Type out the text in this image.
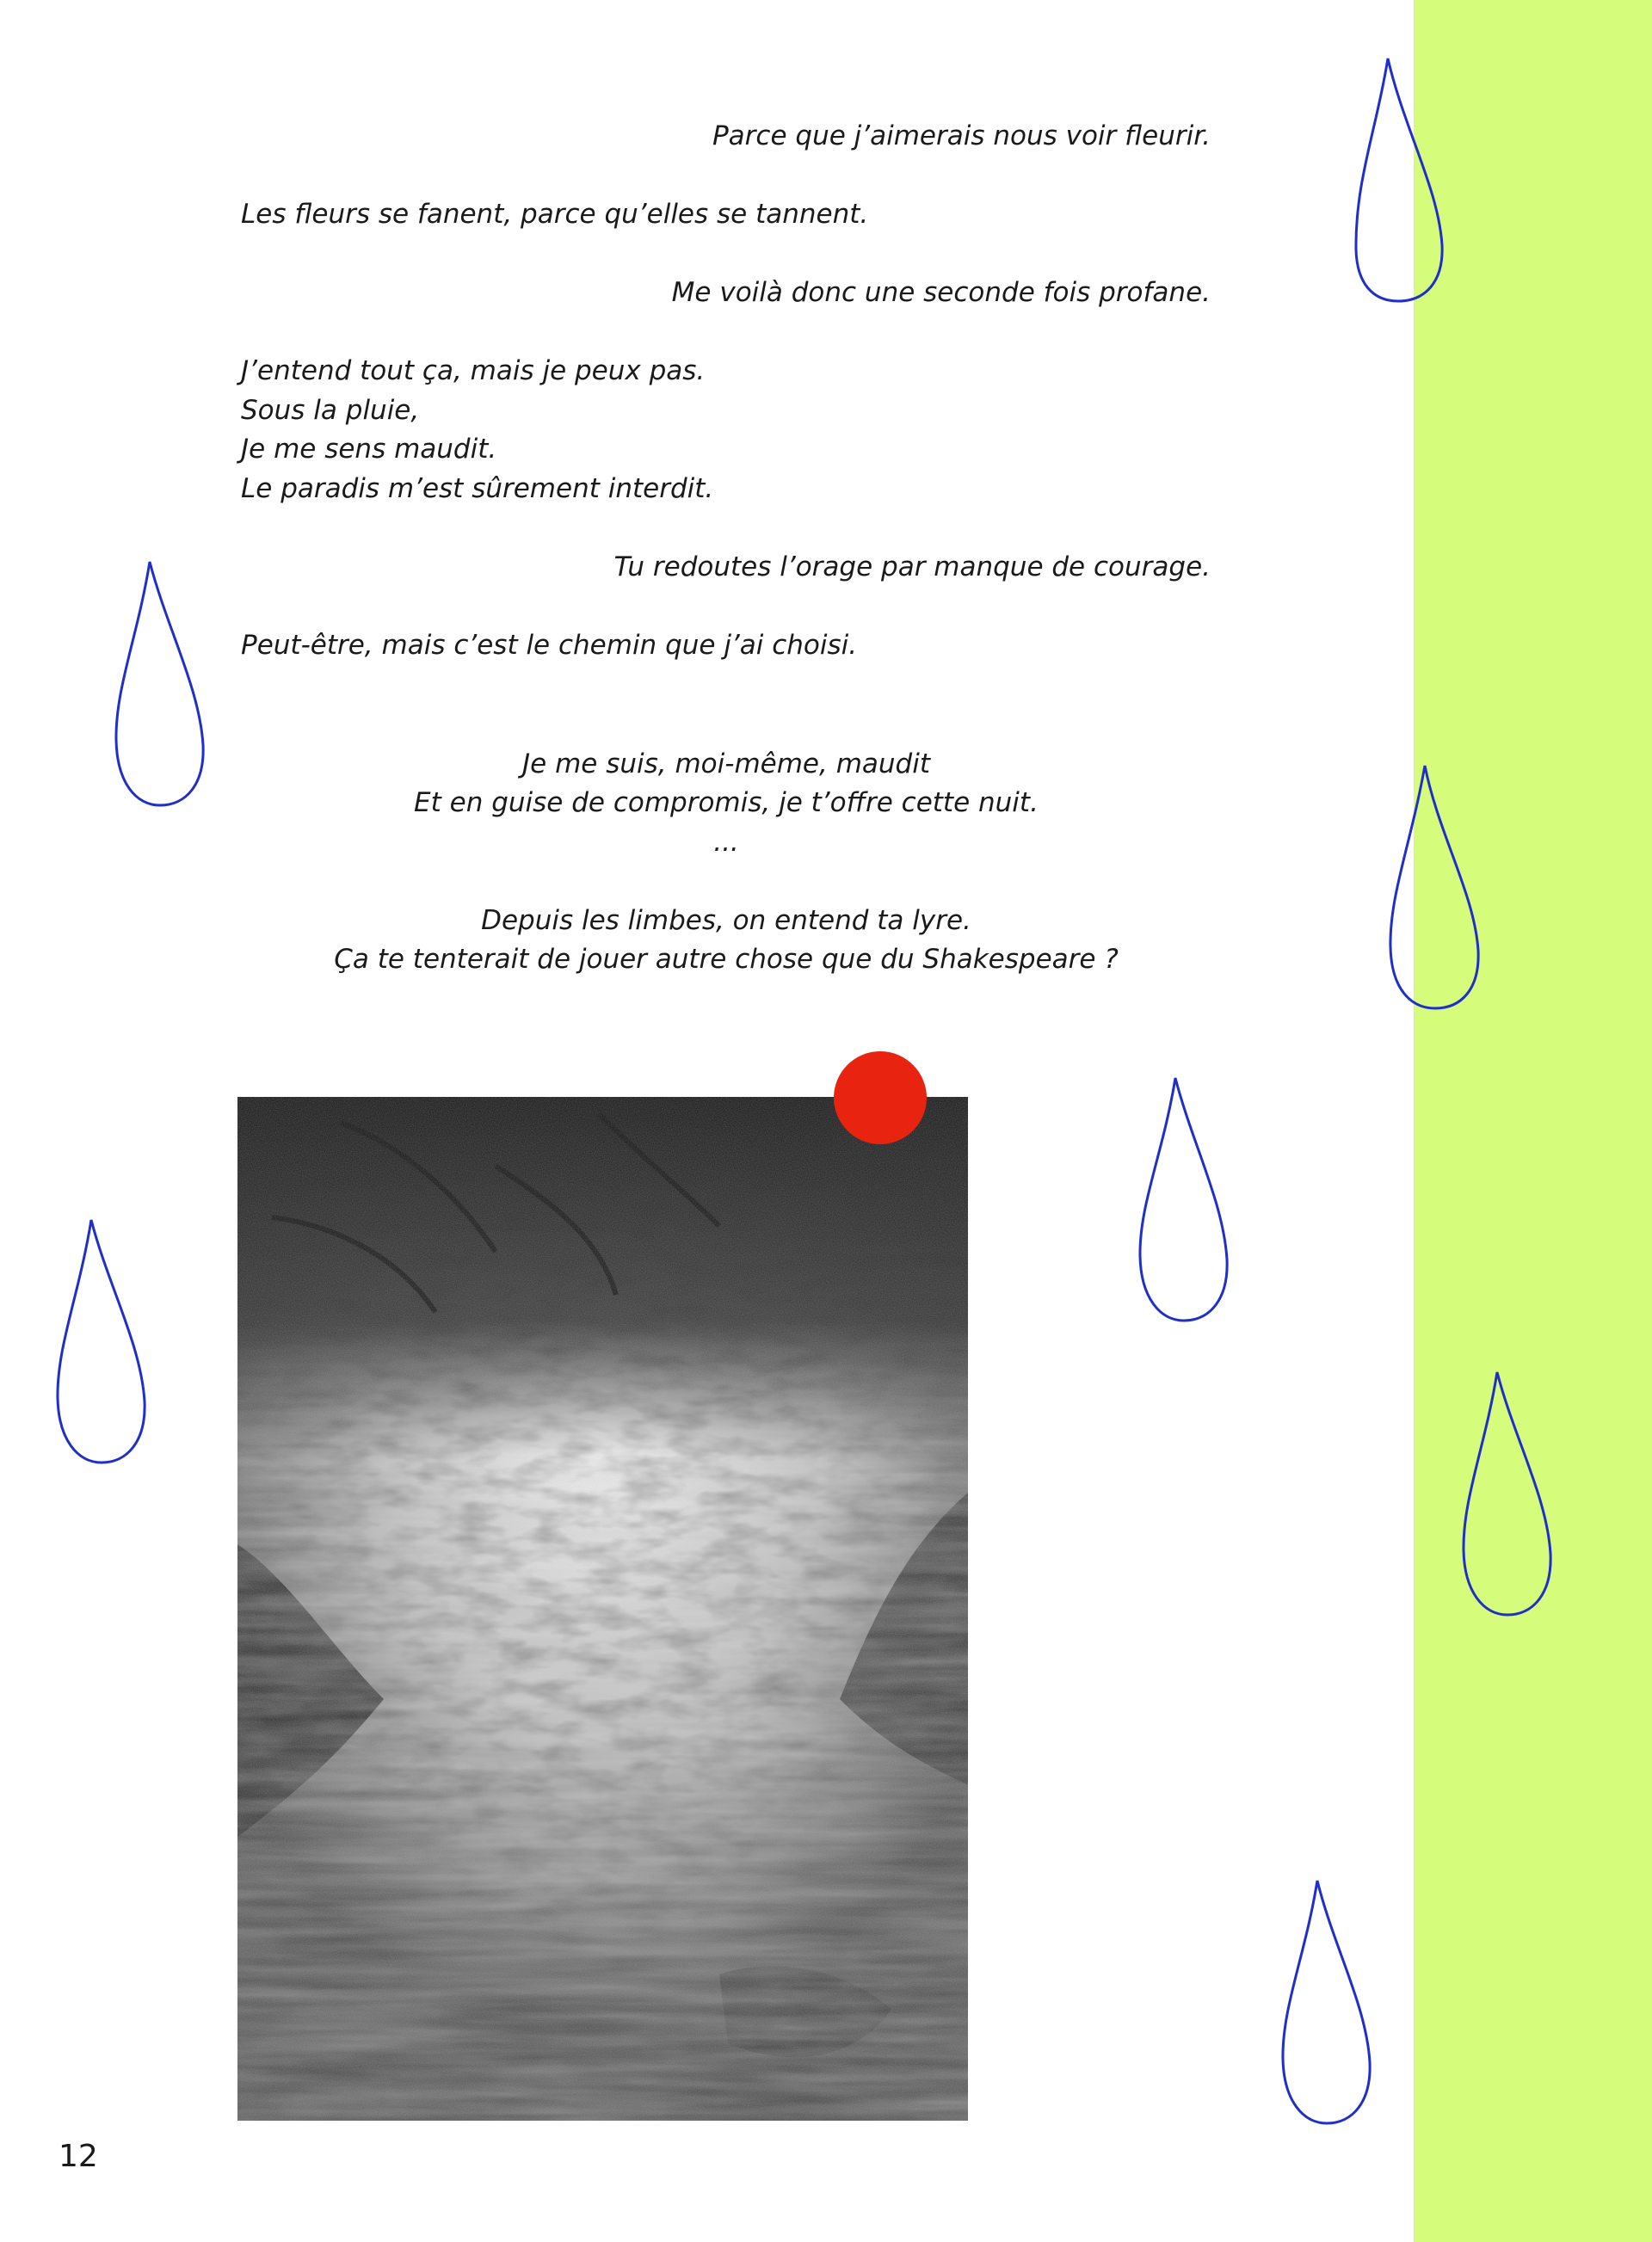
Parce que j’aimerais nous voir fleurir.
Les fleurs se fanent, parce qu’elles se tannent.
Me voilà donc une seconde fois profane.
J’entend tout ça, mais je peux pas.
Sous la pluie,
Je me sens maudit.
Le paradis m’est sûrement interdit.
Tu redoutes l’orage par manque de courage.
Peut-être, mais c’est le chemin que j’ai choisi.
Je me suis, moi-même, maudit
Et en guise de compromis, je t’offre cette nuit.
...
Depuis les limbes, on entend ta lyre.
Ça te tenterait de jouer autre chose que du Shakespeare ?
12
